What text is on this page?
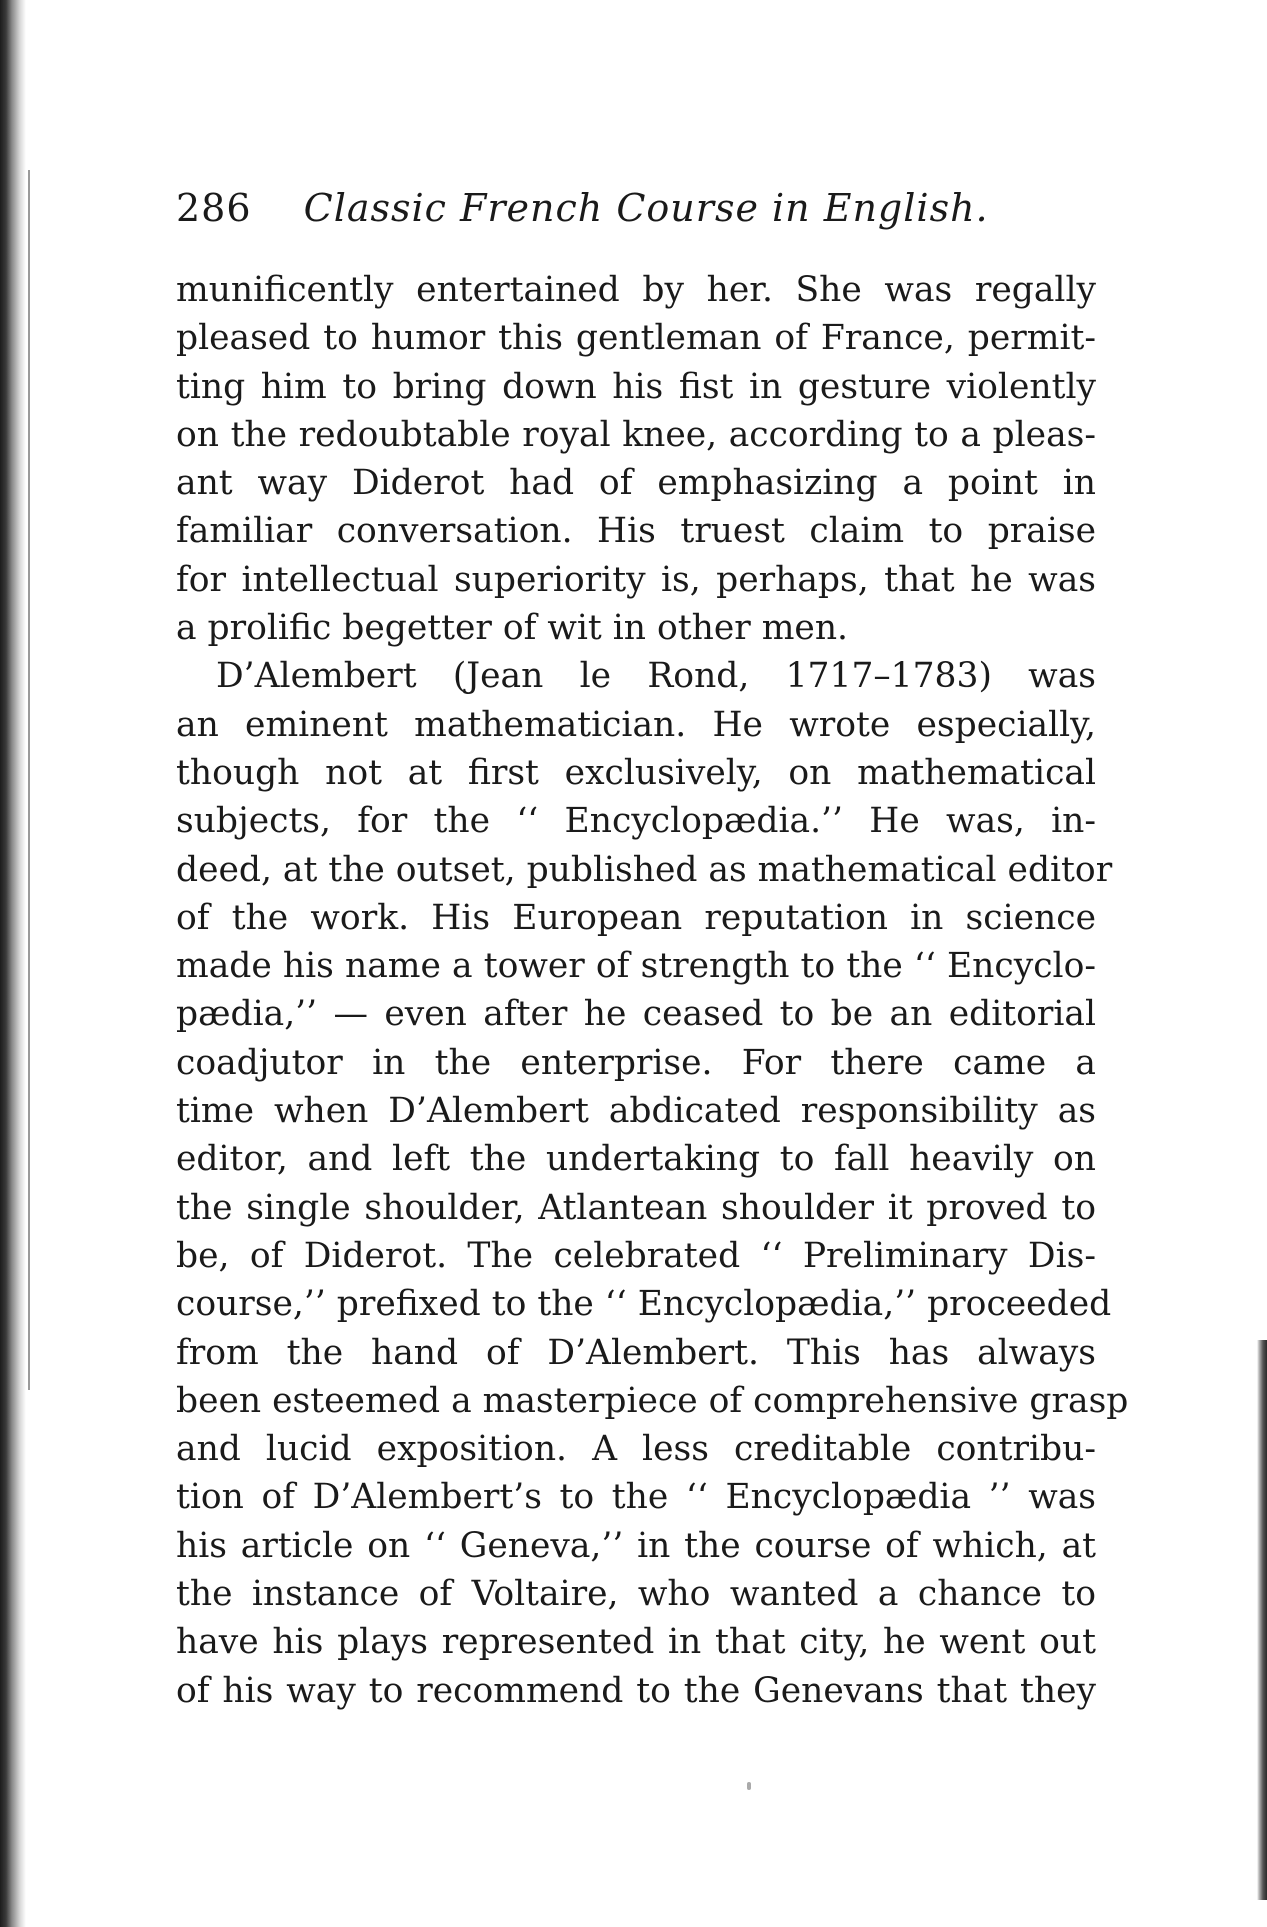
286 Classic French Course in English.
munificently entertained by her. She was regally
pleased to humor this gentleman of France, permit-
ting him to bring down his fist in gesture violently
on the redoubtable royal knee, according to a pleas-
ant way Diderot had of emphasizing a point in
familiar conversation. His truest claim to praise
for intellectual superiority is, perhaps, that he was
a prolific begetter of wit in other men.
D’Alembert (Jean le Rond, 1717–1783) was
an eminent mathematician. He wrote especially,
though not at first exclusively, on mathematical
subjects, for the ‘‘ Encyclopædia.’’ He was, in-
deed, at the outset, published as mathematical editor
of the work. His European reputation in science
made his name a tower of strength to the ‘‘ Encyclo-
pædia,’’ — even after he ceased to be an editorial
coadjutor in the enterprise. For there came a
time when D’Alembert abdicated responsibility as
editor, and left the undertaking to fall heavily on
the single shoulder, Atlantean shoulder it proved to
be, of Diderot. The celebrated ‘‘ Preliminary Dis-
course,’’ prefixed to the ‘‘ Encyclopædia,’’ proceeded
from the hand of D’Alembert. This has always
been esteemed a masterpiece of comprehensive grasp
and lucid exposition. A less creditable contribu-
tion of D’Alembert’s to the ‘‘ Encyclopædia ’’ was
his article on ‘‘ Geneva,’’ in the course of which, at
the instance of Voltaire, who wanted a chance to
have his plays represented in that city, he went out
of his way to recommend to the Genevans that they
